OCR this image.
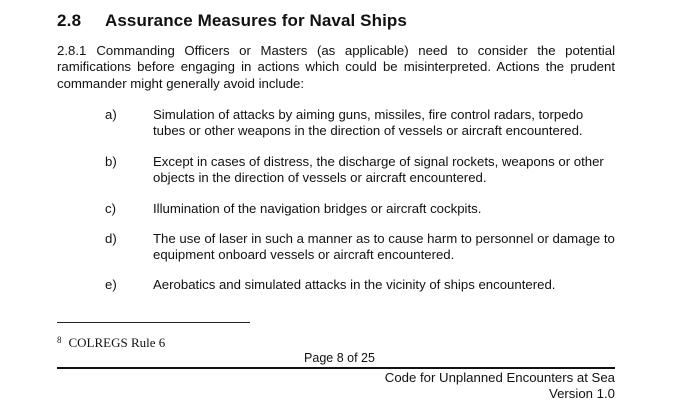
2.8 Assurance Measures for Naval Ships
2.8.1 Commanding Officers or Masters (as applicable) need to consider the potential ramifications before engaging in actions which could be misinterpreted. Actions the prudent commander might generally avoid include:
a)	Simulation of attacks by aiming guns, missiles, fire control radars, torpedo tubes or other weapons in the direction of vessels or aircraft encountered.
b)	Except in cases of distress, the discharge of signal rockets, weapons or other objects in the direction of vessels or aircraft encountered.
c)	Illumination of the navigation bridges or aircraft cockpits.
d)	The use of laser in such a manner as to cause harm to personnel or damage to equipment onboard vessels or aircraft encountered.
e)	Aerobatics and simulated attacks in the vicinity of ships encountered.
$^8$ COLREGS Rule 6
Page 8 of 25
Code for Unplanned Encounters at Sea
Version 1.0
